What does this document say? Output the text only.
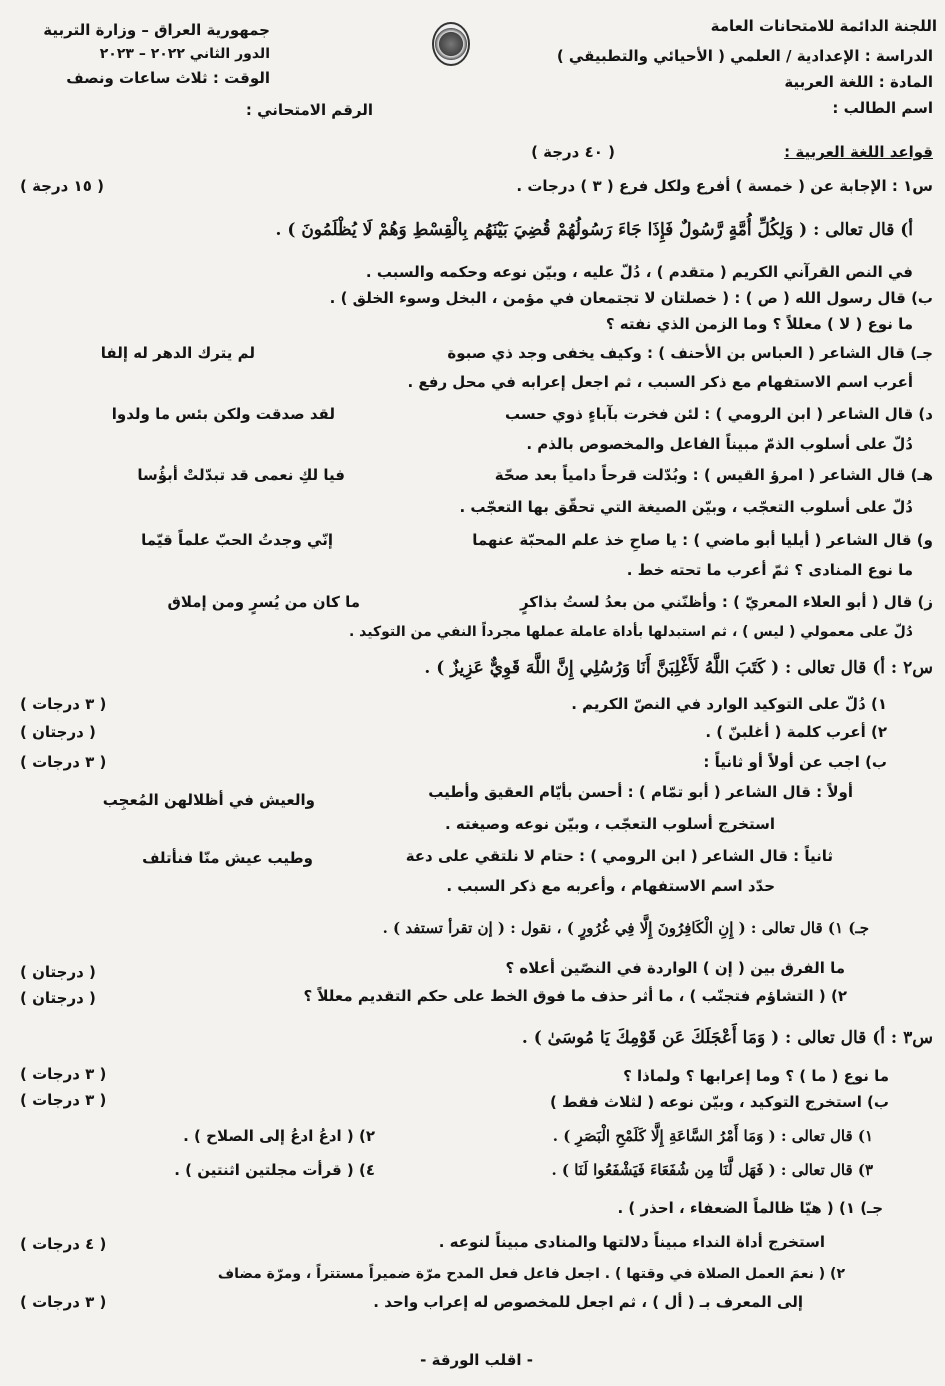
اللجنة الدائمة للامتحانات العامة
الدراسة : الإعدادية / العلمي ( الأحيائي والتطبيقي )
المادة : اللغة العربية
اسم الطالب :
جمهورية العراق – وزارة التربية
الدور الثاني ٢٠٢٢ – ٢٠٢٣
الوقت : ثلاث ساعات ونصف
الرقم الامتحاني :
قواعد اللغة العربية :
( ٤٠ درجة )
س١ : الإجابة عن ( خمسة ) أفرع ولكل فرع ( ٣ ) درجات .
( ١٥ درجة )
أ) قال تعالى : ( وَلِكُلِّ أُمَّةٍ رَّسُولٌ فَإِذَا جَاءَ رَسُولُهُمْ قُضِيَ بَيْنَهُم بِالْقِسْطِ وَهُمْ لَا يُظْلَمُونَ ) .
في النص القرآني الكريم ( متقدم ) ، دُلّ عليه ، وبيّن نوعه وحكمه والسبب .
ب) قال رسول الله ( ص ) : ( خصلتان لا تجتمعان في مؤمن ، البخل وسوء الخلق ) .
ما نوع ( لا ) معللاً ؟ وما الزمن الذي نفته ؟
جـ) قال الشاعر ( العباس بن الأحنف ) : وكيف يخفى وجد ذي صبوة
لم يترك الدهر له إلفا
أعرب اسم الاستفهام مع ذكر السبب ، ثم اجعل إعرابه في محل رفع .
د) قال الشاعر ( ابن الرومي ) : لئن فخرت بآباءٍ ذوي حسب
لقد صدقت ولكن بئس ما ولدوا
دُلّ على أسلوب الذمّ مبيناً الفاعل والمخصوص بالذم .
هـ) قال الشاعر ( امرؤ القيس ) : وبُدّلت قرحاً دامياً بعد صحّة
فيا لكِ نعمى قد تبدّلتْ أبؤُسا
دُلّ على أسلوب التعجّب ، وبيّن الصيغة التي تحقّق بها التعجّب .
و) قال الشاعر ( أيليا أبو ماضي ) : يا صاحِ خذ علم المحبّة عنهما
إنّي وجدتُ الحبّ علماً قيّما
ما نوع المنادى ؟ ثمّ أعرب ما تحته خط .
ز) قال ( أبو العلاء المعريّ ) : وأظنّني من بعدُ لستُ بذاكرٍ
ما كان من يُسرٍ ومن إملاق
دُلّ على معمولي ( ليس ) ، ثم استبدلها بأداة عاملة عملها مجرداً النفي من التوكيد .
س٢ : أ) قال تعالى : ( كَتَبَ اللَّهُ لَأَغْلِبَنَّ أَنَا وَرُسُلِي إِنَّ اللَّهَ قَوِيٌّ عَزِيزٌ ) .
١) دُلّ على التوكيد الوارد في النصّ الكريم .
( ٣ درجات )
٢) أعرب كلمة ( أغلبنّ ) .
( درجتان )
ب) اجب عن أولاً أو ثانياً :
( ٣ درجات )
أولاً : قال الشاعر ( أبو تمّام ) : أحسن بأيّام العقيق وأطيب
والعيش في أظلالهن المُعجِب
استخرج أسلوب التعجّب ، وبيّن نوعه وصيغته .
ثانياً : قال الشاعر ( ابن الرومي ) : حتام لا نلتقي على دعة
وطيب عيش منّا فنأتلف
حدّد اسم الاستفهام ، وأعربه مع ذكر السبب .
جـ) ١) قال تعالى : ( إِنِ الْكَافِرُونَ إِلَّا فِي غُرُورٍ ) ، نقول : ( إن تقرأ تستفد ) .
ما الفرق بين ( إن ) الواردة في النصّين أعلاه ؟
( درجتان )
٢) ( التشاؤم فتجنّب ) ، ما أثر حذف ما فوق الخط على حكم التقديم معللاً ؟
( درجتان )
س٣ : أ) قال تعالى : ( وَمَا أَعْجَلَكَ عَن قَوْمِكَ يَا مُوسَىٰ ) .
ما نوع ( ما ) ؟ وما إعرابها ؟ ولماذا ؟
( ٣ درجات )
ب) استخرج التوكيد ، وبيّن نوعه ( لثلاث فقط )
( ٣ درجات )
١) قال تعالى : ( وَمَا أَمْرُ السَّاعَةِ إِلَّا كَلَمْحِ الْبَصَرِ ) .
٢) ( ادعُ ادعُ إلى الصلاح ) .
٣) قال تعالى : ( فَهَل لَّنَا مِن شُفَعَاءَ فَيَشْفَعُوا لَنَا ) .
٤) ( قرأت مجلتين اثنتين ) .
جـ) ١) ( هيّا ظالماً الضعفاء ، احذر ) .
استخرج أداة النداء مبيناً دلالتها والمنادى مبيناً لنوعه .
( ٤ درجات )
٢) ( نعمَ العمل الصلاة في وقتها ) . اجعل فاعل فعل المدح مرّة ضميراً مستتراً ، ومرّة مضاف
إلى المعرف بـ ( أل ) ، ثم اجعل للمخصوص له إعراب واحد .
( ٣ درجات )
- اقلب الورقة -
